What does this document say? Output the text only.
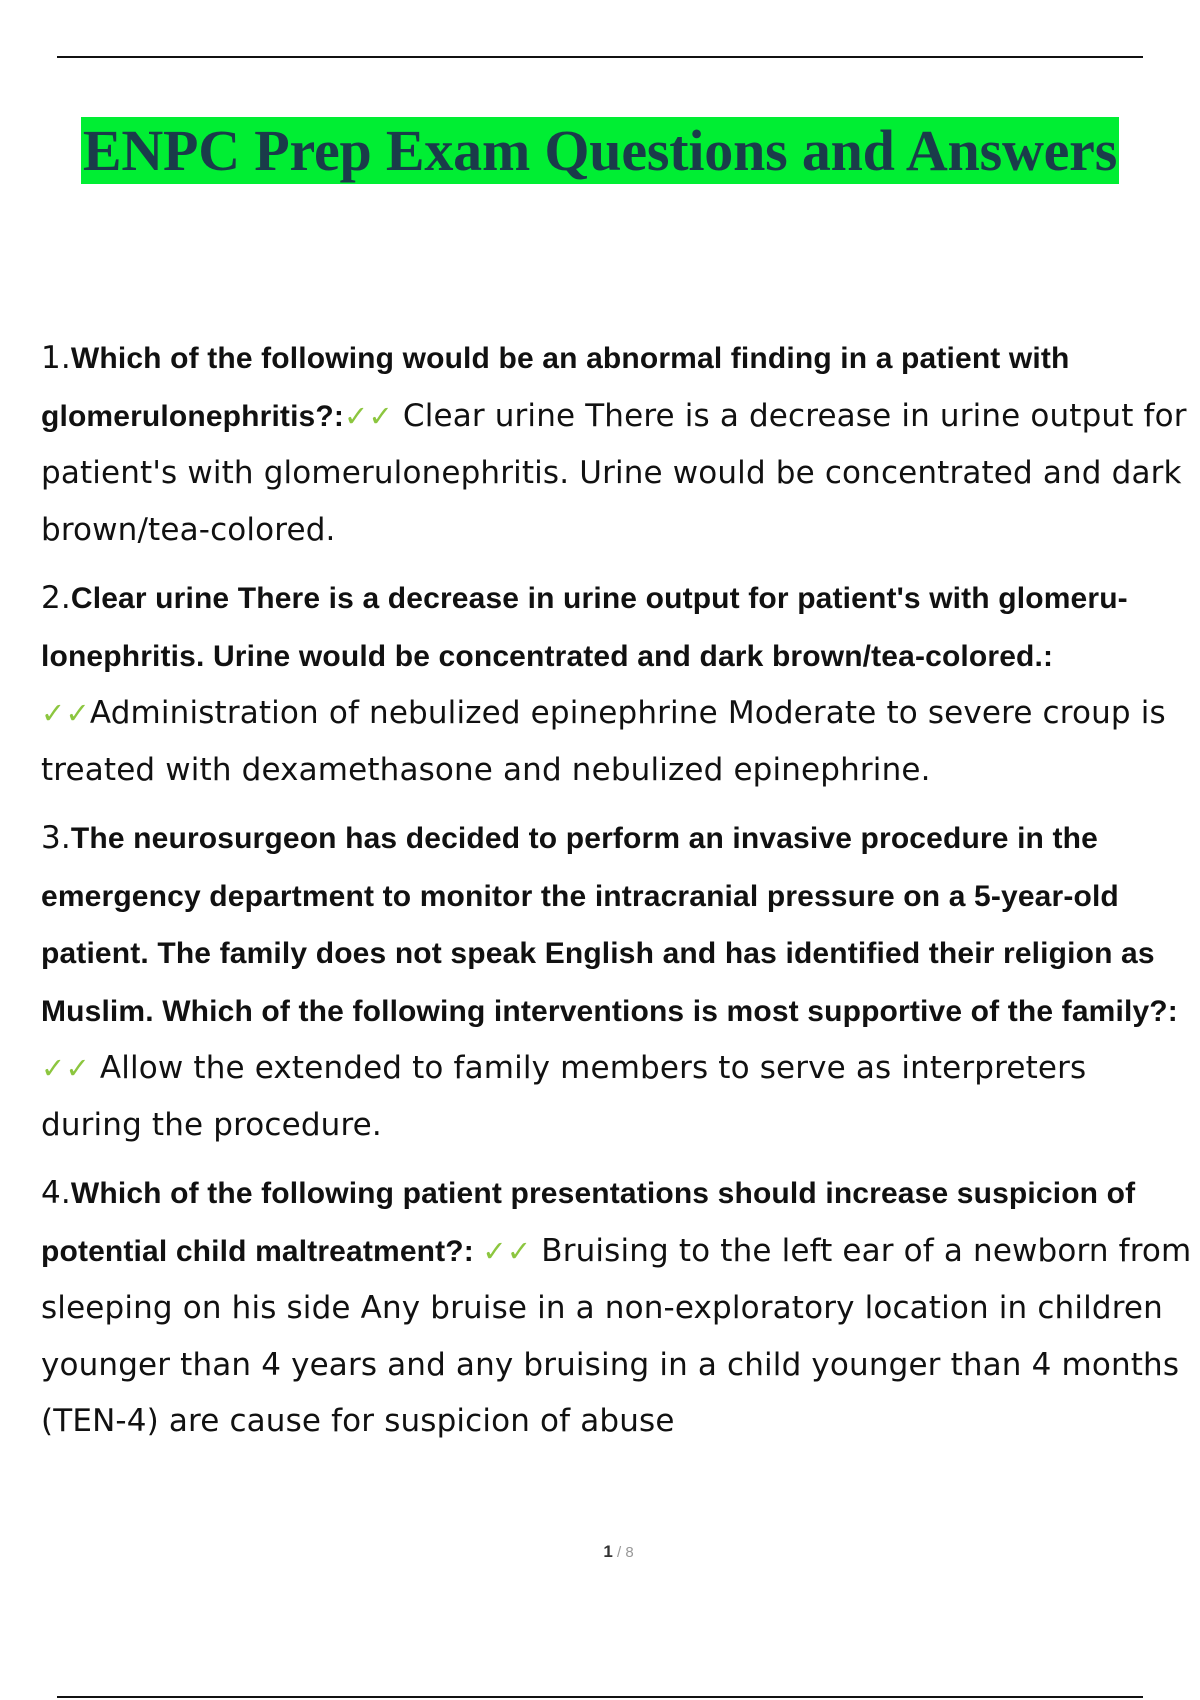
ENPC Prep Exam Questions and Answers

1.Which of the following would be an abnormal finding in a patient with glomerulonephritis?:✓✓ Clear urine There is a decrease in urine output for patient's with glomerulonephritis. Urine would be concentrated and dark brown/tea-colored.

2.Clear urine There is a decrease in urine output for patient's with glomeru- lonephritis. Urine would be concentrated and dark brown/tea-colored.: ✓✓Administration of nebulized epinephrine Moderate to severe croup is treated with dexamethasone and nebulized epinephrine.

3.The neurosurgeon has decided to perform an invasive procedure in the emergency department to monitor the intracranial pressure on a 5-year-old patient. The family does not speak English and has identified their religion as Muslim. Which of the following interventions is most supportive of the family?: ✓✓ Allow the extended to family members to serve as interpreters during the procedure.

4.Which of the following patient presentations should increase suspicion of potential child maltreatment?: ✓✓ Bruising to the left ear of a newborn from sleeping on his side Any bruise in a non-exploratory location in children younger than 4 years and any bruising in a child younger than 4 months (TEN-4) are cause for suspicion of abuse

1 / 8
